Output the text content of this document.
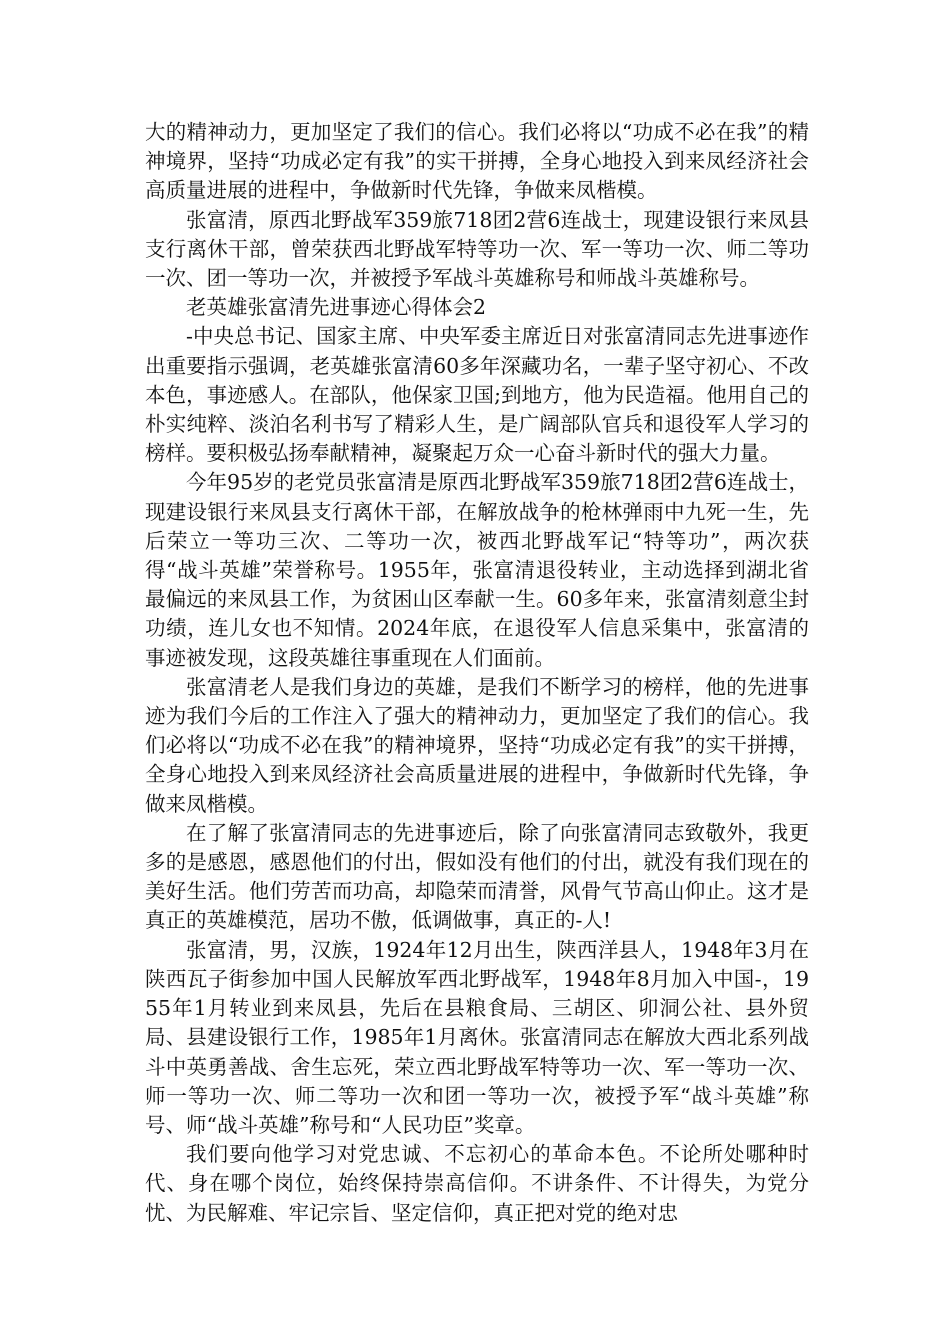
大的精神动力，更加坚定了我们的信心。我们必将以“功成不必在我”的精神境界，坚持“功成必定有我”的实干拼搏，全身心地投入到来凤经济社会高质量进展的进程中，争做新时代先锋，争做来凤楷模。

张富清，原西北野战军359旅718团2营6连战士，现建设银行来凤县支行离休干部，曾荣获西北野战军特等功一次、军一等功一次、师二等功一次、团一等功一次，并被授予军战斗英雄称号和师战斗英雄称号。

老英雄张富清先进事迹心得体会2

-中央总书记、国家主席、中央军委主席近日对张富清同志先进事迹作出重要指示强调，老英雄张富清60多年深藏功名，一辈子坚守初心、不改本色，事迹感人。在部队，他保家卫国;到地方，他为民造福。他用自己的朴实纯粹、淡泊名利书写了精彩人生，是广阔部队官兵和退役军人学习的榜样。要积极弘扬奉献精神，凝聚起万众一心奋斗新时代的强大力量。

今年95岁的老党员张富清是原西北野战军359旅718团2营6连战士，现建设银行来凤县支行离休干部，在解放战争的枪林弹雨中九死一生，先后荣立一等功三次、二等功一次，被西北野战军记“特等功”，两次获得“战斗英雄”荣誉称号。1955年，张富清退役转业，主动选择到湖北省最偏远的来凤县工作，为贫困山区奉献一生。60多年来，张富清刻意尘封功绩，连儿女也不知情。2024年底，在退役军人信息采集中，张富清的事迹被发现，这段英雄往事重现在人们面前。

张富清老人是我们身边的英雄，是我们不断学习的榜样，他的先进事迹为我们今后的工作注入了强大的精神动力，更加坚定了我们的信心。我们必将以“功成不必在我”的精神境界，坚持“功成必定有我”的实干拼搏，全身心地投入到来凤经济社会高质量进展的进程中，争做新时代先锋，争做来凤楷模。

在了解了张富清同志的先进事迹后，除了向张富清同志致敬外，我更多的是感恩，感恩他们的付出，假如没有他们的付出，就没有我们现在的美好生活。他们劳苦而功高，却隐荣而清誉，风骨气节高山仰止。这才是真正的英雄模范，居功不傲，低调做事，真正的-人!

张富清，男，汉族，1924年12月出生，陕西洋县人，1948年3月在陕西瓦子街参加中国人民解放军西北野战军，1948年8月加入中国-，1955年1月转业到来凤县，先后在县粮食局、三胡区、卯洞公社、县外贸局、县建设银行工作，1985年1月离休。张富清同志在解放大西北系列战斗中英勇善战、舍生忘死，荣立西北野战军特等功一次、军一等功一次、师一等功一次、师二等功一次和团一等功一次，被授予军“战斗英雄”称号、师“战斗英雄”称号和“人民功臣”奖章。

我们要向他学习对党忠诚、不忘初心的革命本色。不论所处哪种时代、身在哪个岗位，始终保持崇高信仰。不讲条件、不计得失，为党分忧、为民解难、牢记宗旨、坚定信仰，真正把对党的绝对忠
